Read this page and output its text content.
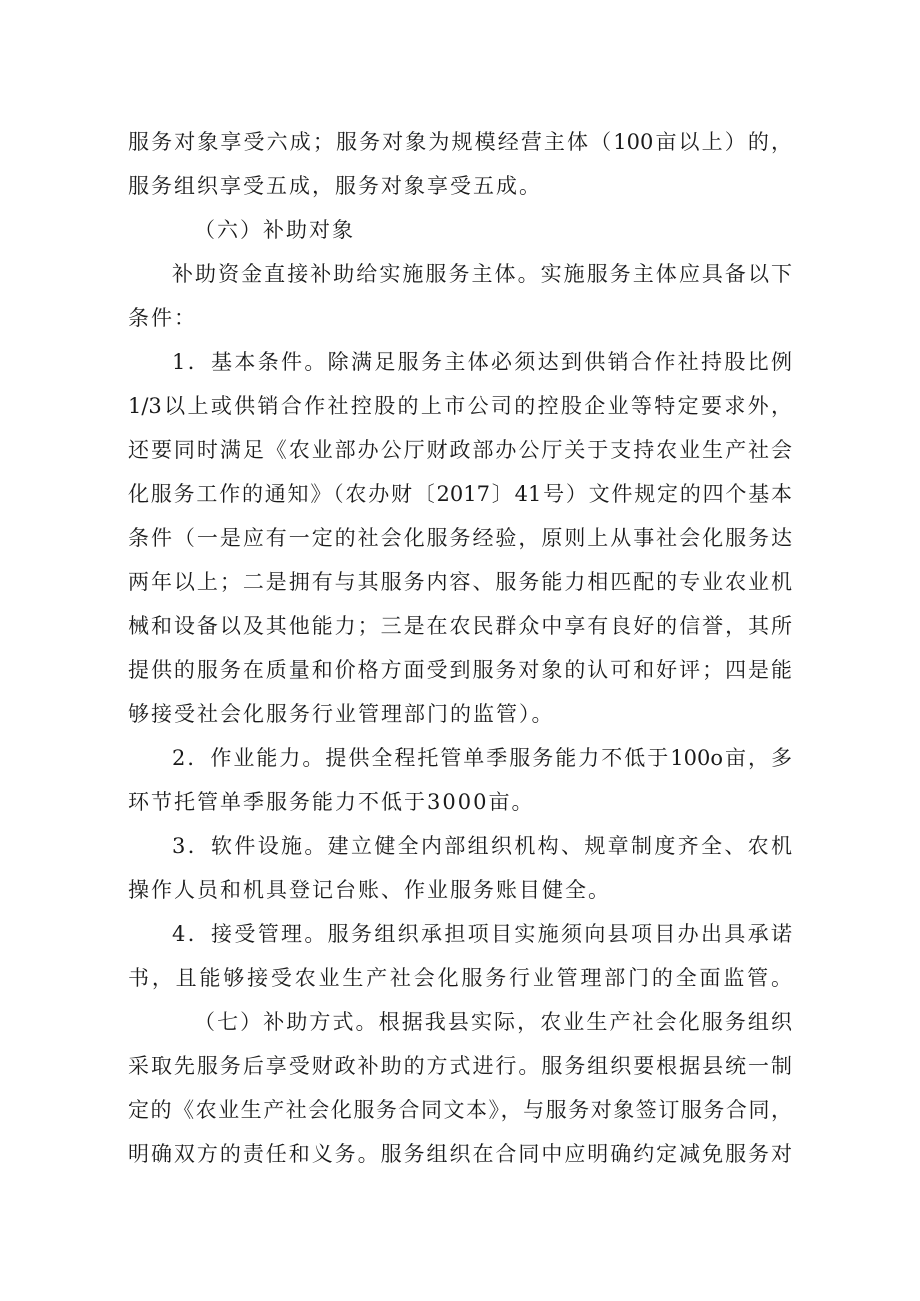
服务对象享受六成；服务对象为规模经营主体（100亩以上）的，
服务组织享受五成，服务对象享受五成。
（六）补助对象
补助资金直接补助给实施服务主体。实施服务主体应具备以下
条件：
1．基本条件。除满足服务主体必须达到供销合作社持股比例
1/3以上或供销合作社控股的上市公司的控股企业等特定要求外，
还要同时满足《农业部办公厅财政部办公厅关于支持农业生产社会
化服务工作的通知》（农办财〔2017〕41号）文件规定的四个基本
条件（一是应有一定的社会化服务经验，原则上从事社会化服务达
两年以上；二是拥有与其服务内容、服务能力相匹配的专业农业机
械和设备以及其他能力；三是在农民群众中享有良好的信誉，其所
提供的服务在质量和价格方面受到服务对象的认可和好评；四是能
够接受社会化服务行业管理部门的监管）。
2．作业能力。提供全程托管单季服务能力不低于100o亩，多
环节托管单季服务能力不低于3000亩。
3．软件设施。建立健全内部组织机构、规章制度齐全、农机
操作人员和机具登记台账、作业服务账目健全。
4．接受管理。服务组织承担项目实施须向县项目办出具承诺
书，且能够接受农业生产社会化服务行业管理部门的全面监管。
（七）补助方式。根据我县实际，农业生产社会化服务组织
采取先服务后享受财政补助的方式进行。服务组织要根据县统一制
定的《农业生产社会化服务合同文本》，与服务对象签订服务合同，
明确双方的责任和义务。服务组织在合同中应明确约定减免服务对
